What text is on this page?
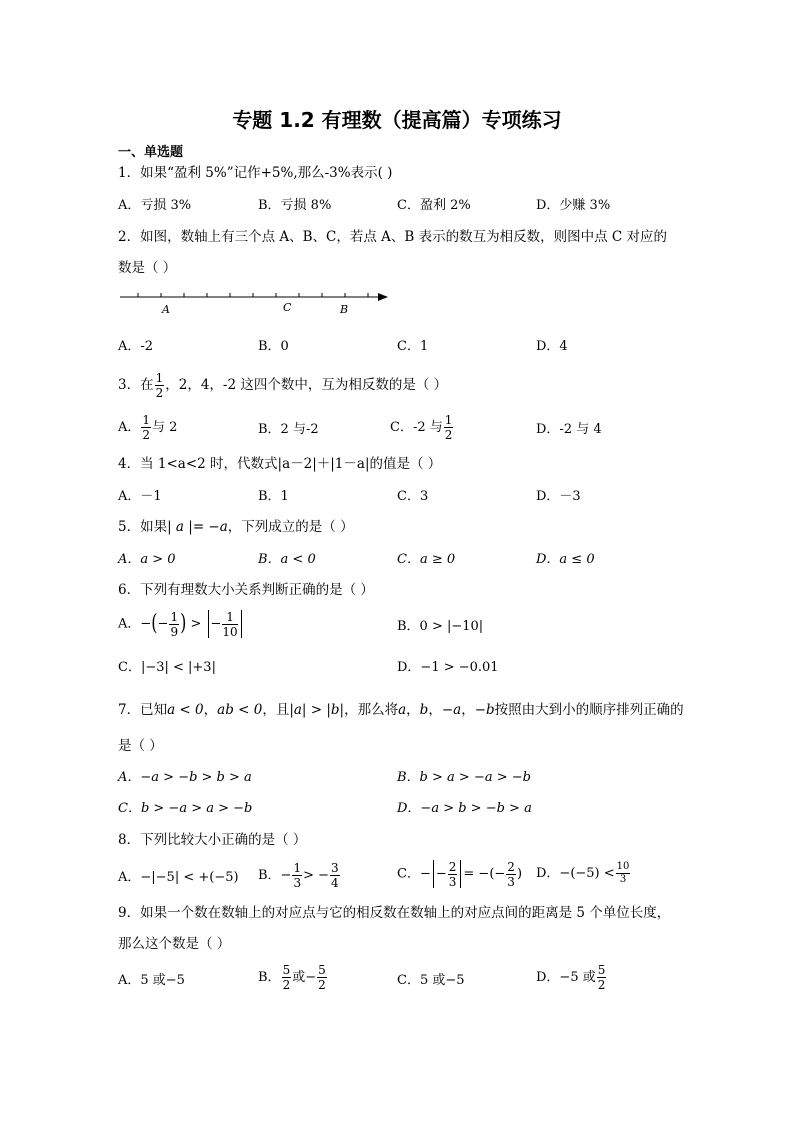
专题 1.2 有理数（提高篇）专项练习
一、单选题
1．如果“盈利 5%”记作+5%,那么-3%表示( )
A．亏损 3%	B．亏损 8%	C．盈利 2%	D．少赚 3%
2．如图，数轴上有三个点 A、B、C，若点 A、B 表示的数互为相反数，则图中点 C 对应的
数是（ ）
A	C	B
A．-2	B．0	C．1	D．4
3．在 $\frac{1}{2}$ ，2，4，-2 这四个数中，互为相反数的是（ ）
A． $\frac{1}{2}$ 与 2	B．2 与-2	C．-2 与 $\frac{1}{2}$	D．-2 与 4
4．当 1<a<2 时，代数式|a－2|＋|1－a|的值是（ ）
A．－1	B．1	C．3	D．－3
5．如果| a |= −a，下列成立的是（ ）
A．a > 0	B．a < 0	C．a ≥ 0	D．a ≤ 0
6．下列有理数大小关系判断正确的是（ ）
A．−(− $\frac{1}{9}$ ) > − $\frac{1}{10}$	B．0 > |−10|
C．|−3| < |+3|	D．−1 > −0.01
7．已知a < 0，ab < 0，且|a| > |b|，那么将a，b，−a，−b按照由大到小的顺序排列正确的
是（ ）
A．−a > −b > b > a	B．b > a > −a > −b
C．b > −a > a > −b	D．−a > b > −b > a
8．下列比较大小正确的是（ ）
A．−|−5| < +(−5) B．− $\frac{1}{3}$ > − $\frac{3}{4}$	C．− − $\frac{2}{3}$ = −(− $\frac{2}{3}$ ) D．$-(-5) < \frac{10}{3}$
9．如果一个数在数轴上的对应点与它的相反数在数轴上的对应点间的距离是 5 个单位长度，
那么这个数是（ ）
A．5 或−5	B． $\frac{5}{2}$ 或− $\frac{5}{2}$	C．5 或−5	D．−5 或 $\frac{5}{2}$
